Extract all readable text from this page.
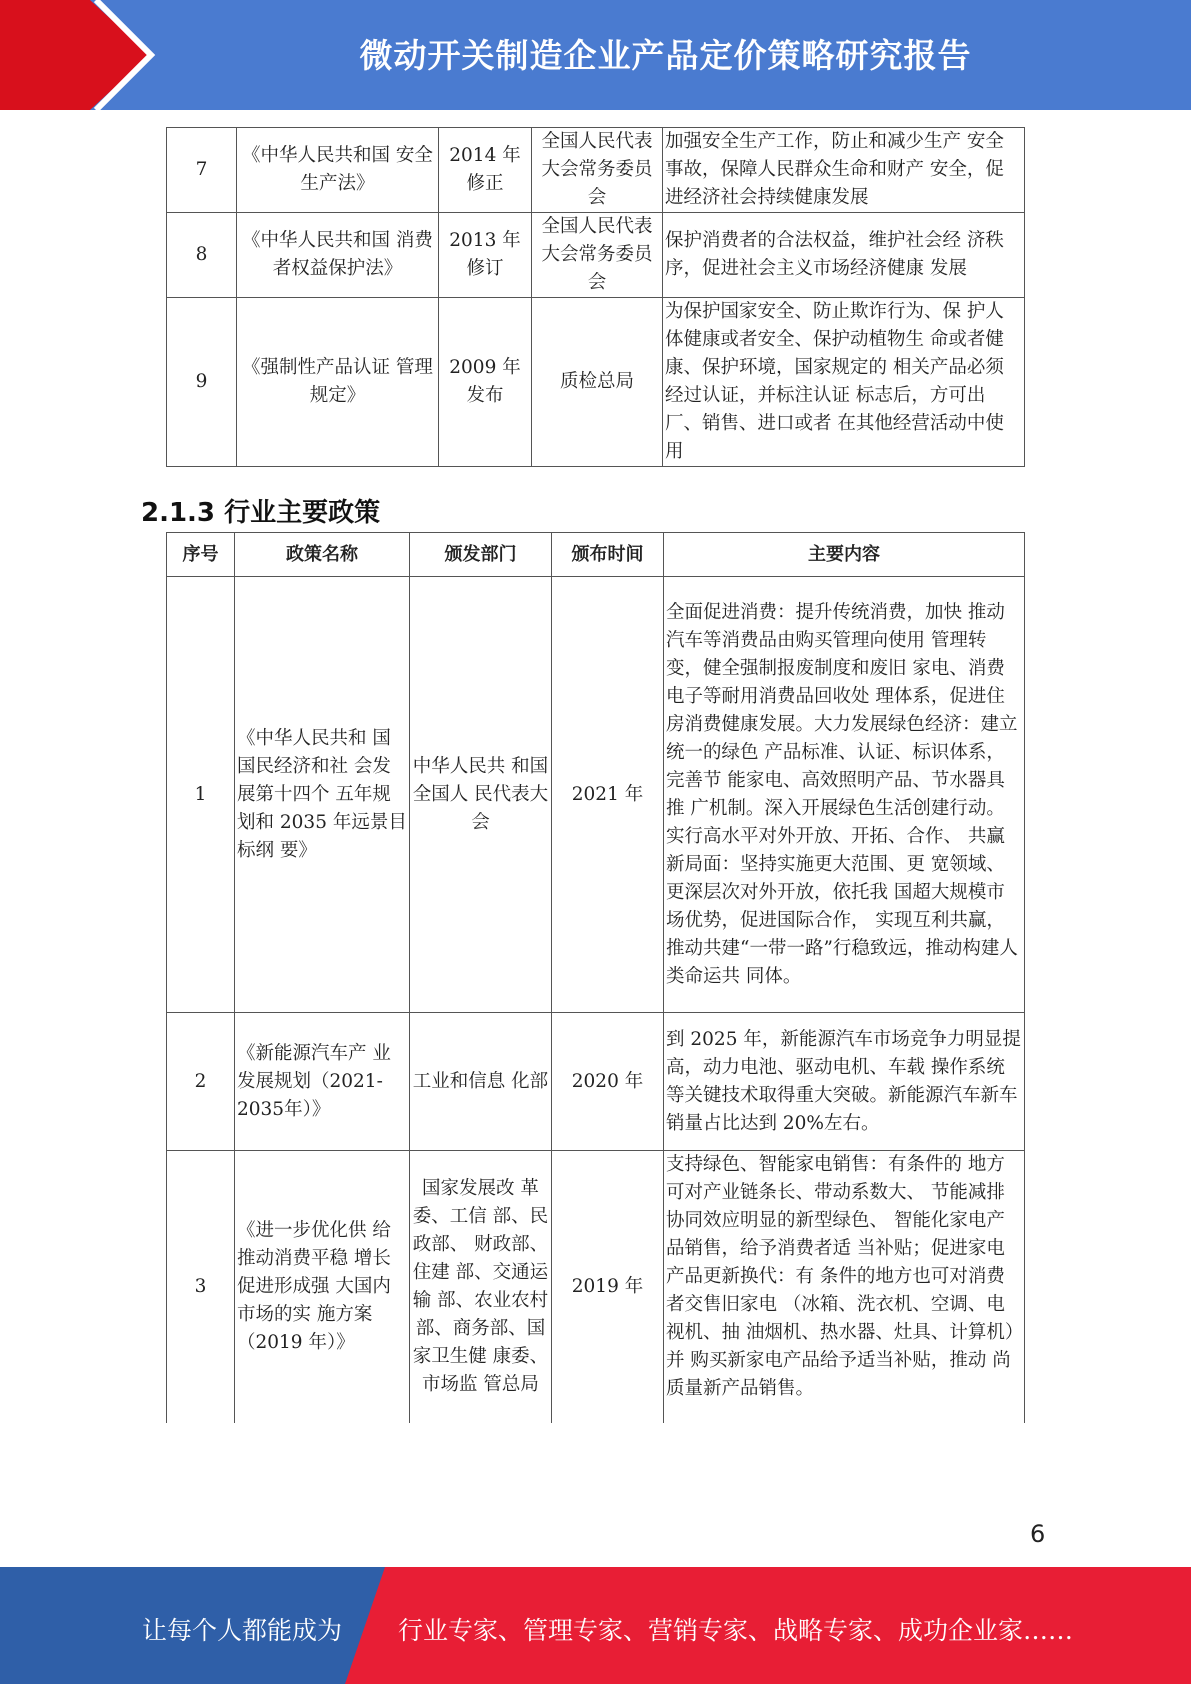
微动开关制造企业产品定价策略研究报告
7	《中华人民共和国 安全生产法》	2014 年修正	全国人民代表大会常务委员会	加强安全生产工作，防止和减少生产 安全事故，保障人民群众生命和财产 安全，促进经济社会持续健康发展
8	《中华人民共和国 消费者权益保护法》	2013 年修订	全国人民代表大会常务委员会	保护消费者的合法权益，维护社会经 济秩序，促进社会主义市场经济健康 发展
9	《强制性产品认证 管理规定》	2009 年发布	质检总局	为保护国家安全、防止欺诈行为、保 护人体健康或者安全、保护动植物生 命或者健康、保护环境，国家规定的 相关产品必须经过认证，并标注认证 标志后，方可出厂、销售、进口或者 在其他经营活动中使用
2.1.3 行业主要政策
序号	政策名称	颁发部门	颁布时间	主要内容
1	《中华人民共和 国国民经济和社 会发展第十四个 五年规划和 2035 年远景目标纲 要》	中华人民共 和国全国人 民代表大会	2021 年	全面促进消费：提升传统消费，加快 推动汽车等消费品由购买管理向使用 管理转变，健全强制报废制度和废旧 家电、消费电子等耐用消费品回收处 理体系，促进住房消费健康发展。大力发展绿色经济：建立统一的绿色 产品标准、认证、标识体系，完善节 能家电、高效照明产品、节水器具推 广机制。深入开展绿色生活创建行动。 实行高水平对外开放、开拓、合作、 共赢新局面：坚持实施更大范围、更 宽领域、更深层次对外开放，依托我 国超大规模市场优势，促进国际合作， 实现互利共赢，推动共建“一带一路”行稳致远，推动构建人类命运共 同体。
2	《新能源汽车产 业发展规划（2021-2035年）》	工业和信息 化部	2020 年	到 2025 年，新能源汽车市场竞争力明显提高，动力电池、驱动电机、车载 操作系统等关键技术取得重大突破。新能源汽车新车销量占比达到 20%左右。
3	《进一步优化供 给推动消费平稳 增长促进形成强 大国内市场的实 施方案（2019 年）》	国家发展改 革委、工信 部、民政部、 财政部、住建 部、交通运输 部、农业农村 部、商务部、国家卫生健 康委、市场监 管总局	2019 年	支持绿色、智能家电销售：有条件的 地方可对产业链条长、带动系数大、 节能减排协同效应明显的新型绿色、 智能化家电产品销售，给予消费者适 当补贴；促进家电产品更新换代：有 条件的地方也可对消费者交售旧家电 （冰箱、洗衣机、空调、电视机、抽 油烟机、热水器、灶具、计算机）并 购买新家电产品给予适当补贴，推动 尚质量新产品销售。
6
让每个人都能成为 行业专家、管理专家、营销专家、战略专家、成功企业家……
